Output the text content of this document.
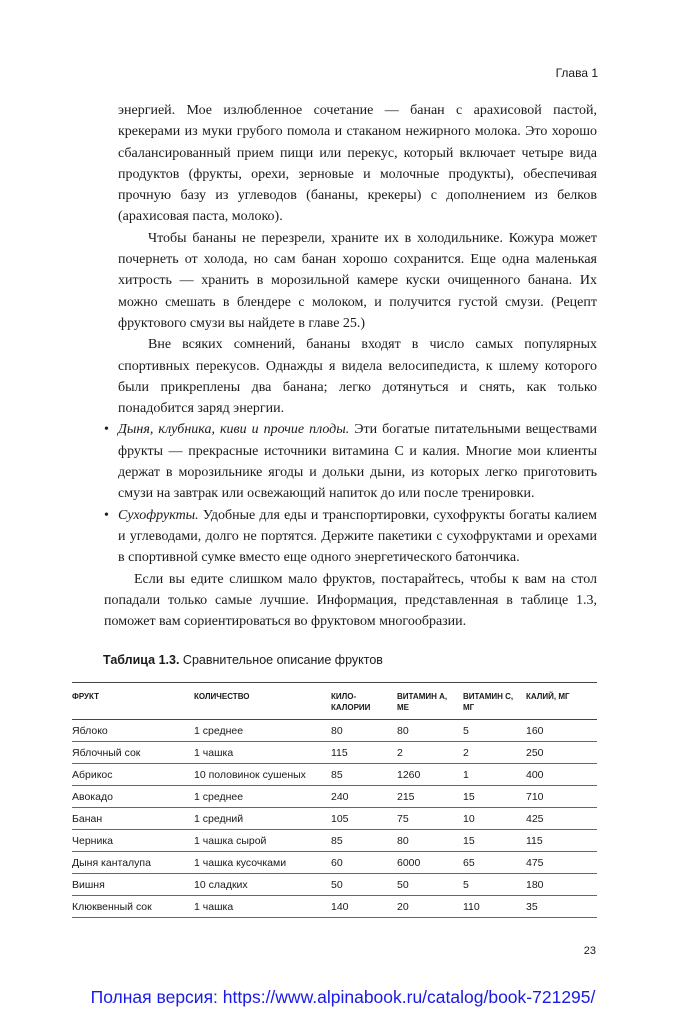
Глава 1

энергией. Мое излюбленное сочетание — банан с арахисовой пастой, крекерами из муки грубого помола и стаканом нежирного молока. Это хорошо сбалансированный прием пищи или перекус, который включает четыре вида продуктов (фрукты, орехи, зерновые и молочные продукты), обеспечивая прочную базу из углеводов (бананы, крекеры) с дополнением из белков (арахисовая паста, молоко).

Чтобы бананы не перезрели, храните их в холодильнике. Кожура может почернеть от холода, но сам банан хорошо сохранится. Еще одна маленькая хитрость — хранить в морозильной камере куски очищенного банана. Их можно смешать в блендере с молоком, и получится густой смузи. (Рецепт фруктового смузи вы найдете в главе 25.)

Вне всяких сомнений, бананы входят в число самых популярных спортивных перекусов. Однажды я видела велосипедиста, к шлему которого были прикреплены два банана; легко дотянуться и снять, как только понадобится заряд энергии.

• Дыня, клубника, киви и прочие плоды. Эти богатые питательными веществами фрукты — прекрасные источники витамина C и калия. Многие мои клиенты держат в морозильнике ягоды и дольки дыни, из которых легко приготовить смузи на завтрак или освежающий напиток до или после тренировки.

• Сухофрукты. Удобные для еды и транспортировки, сухофрукты богаты калием и углеводами, долго не портятся. Держите пакетики с сухофруктами и орехами в спортивной сумке вместо еще одного энергетического батончика.

Если вы едите слишком мало фруктов, постарайтесь, чтобы к вам на стол попадали только самые лучшие. Информация, представленная в таблице 1.3, поможет вам сориентироваться во фруктовом многообразии.

Таблица 1.3. Сравнительное описание фруктов
ФРУКТ	КОЛИЧЕСТВО	КИЛО-КАЛОРИИ	ВИТАМИН А, МЕ	ВИТАМИН С, МГ	КАЛИЙ, МГ
Яблоко	1 среднее	80	80	5	160
Яблочный сок	1 чашка	115	2	2	250
Абрикос	10 половинок сушеных	85	1260	1	400
Авокадо	1 среднее	240	215	15	710
Банан	1 средний	105	75	10	425
Черника	1 чашка сырой	85	80	15	115
Дыня канталупа	1 чашка кусочками	60	6000	65	475
Вишня	10 сладких	50	50	5	180
Клюквенный сок	1 чашка	140	20	110	35
23
Полная версия: https://www.alpinabook.ru/catalog/book-721295/
